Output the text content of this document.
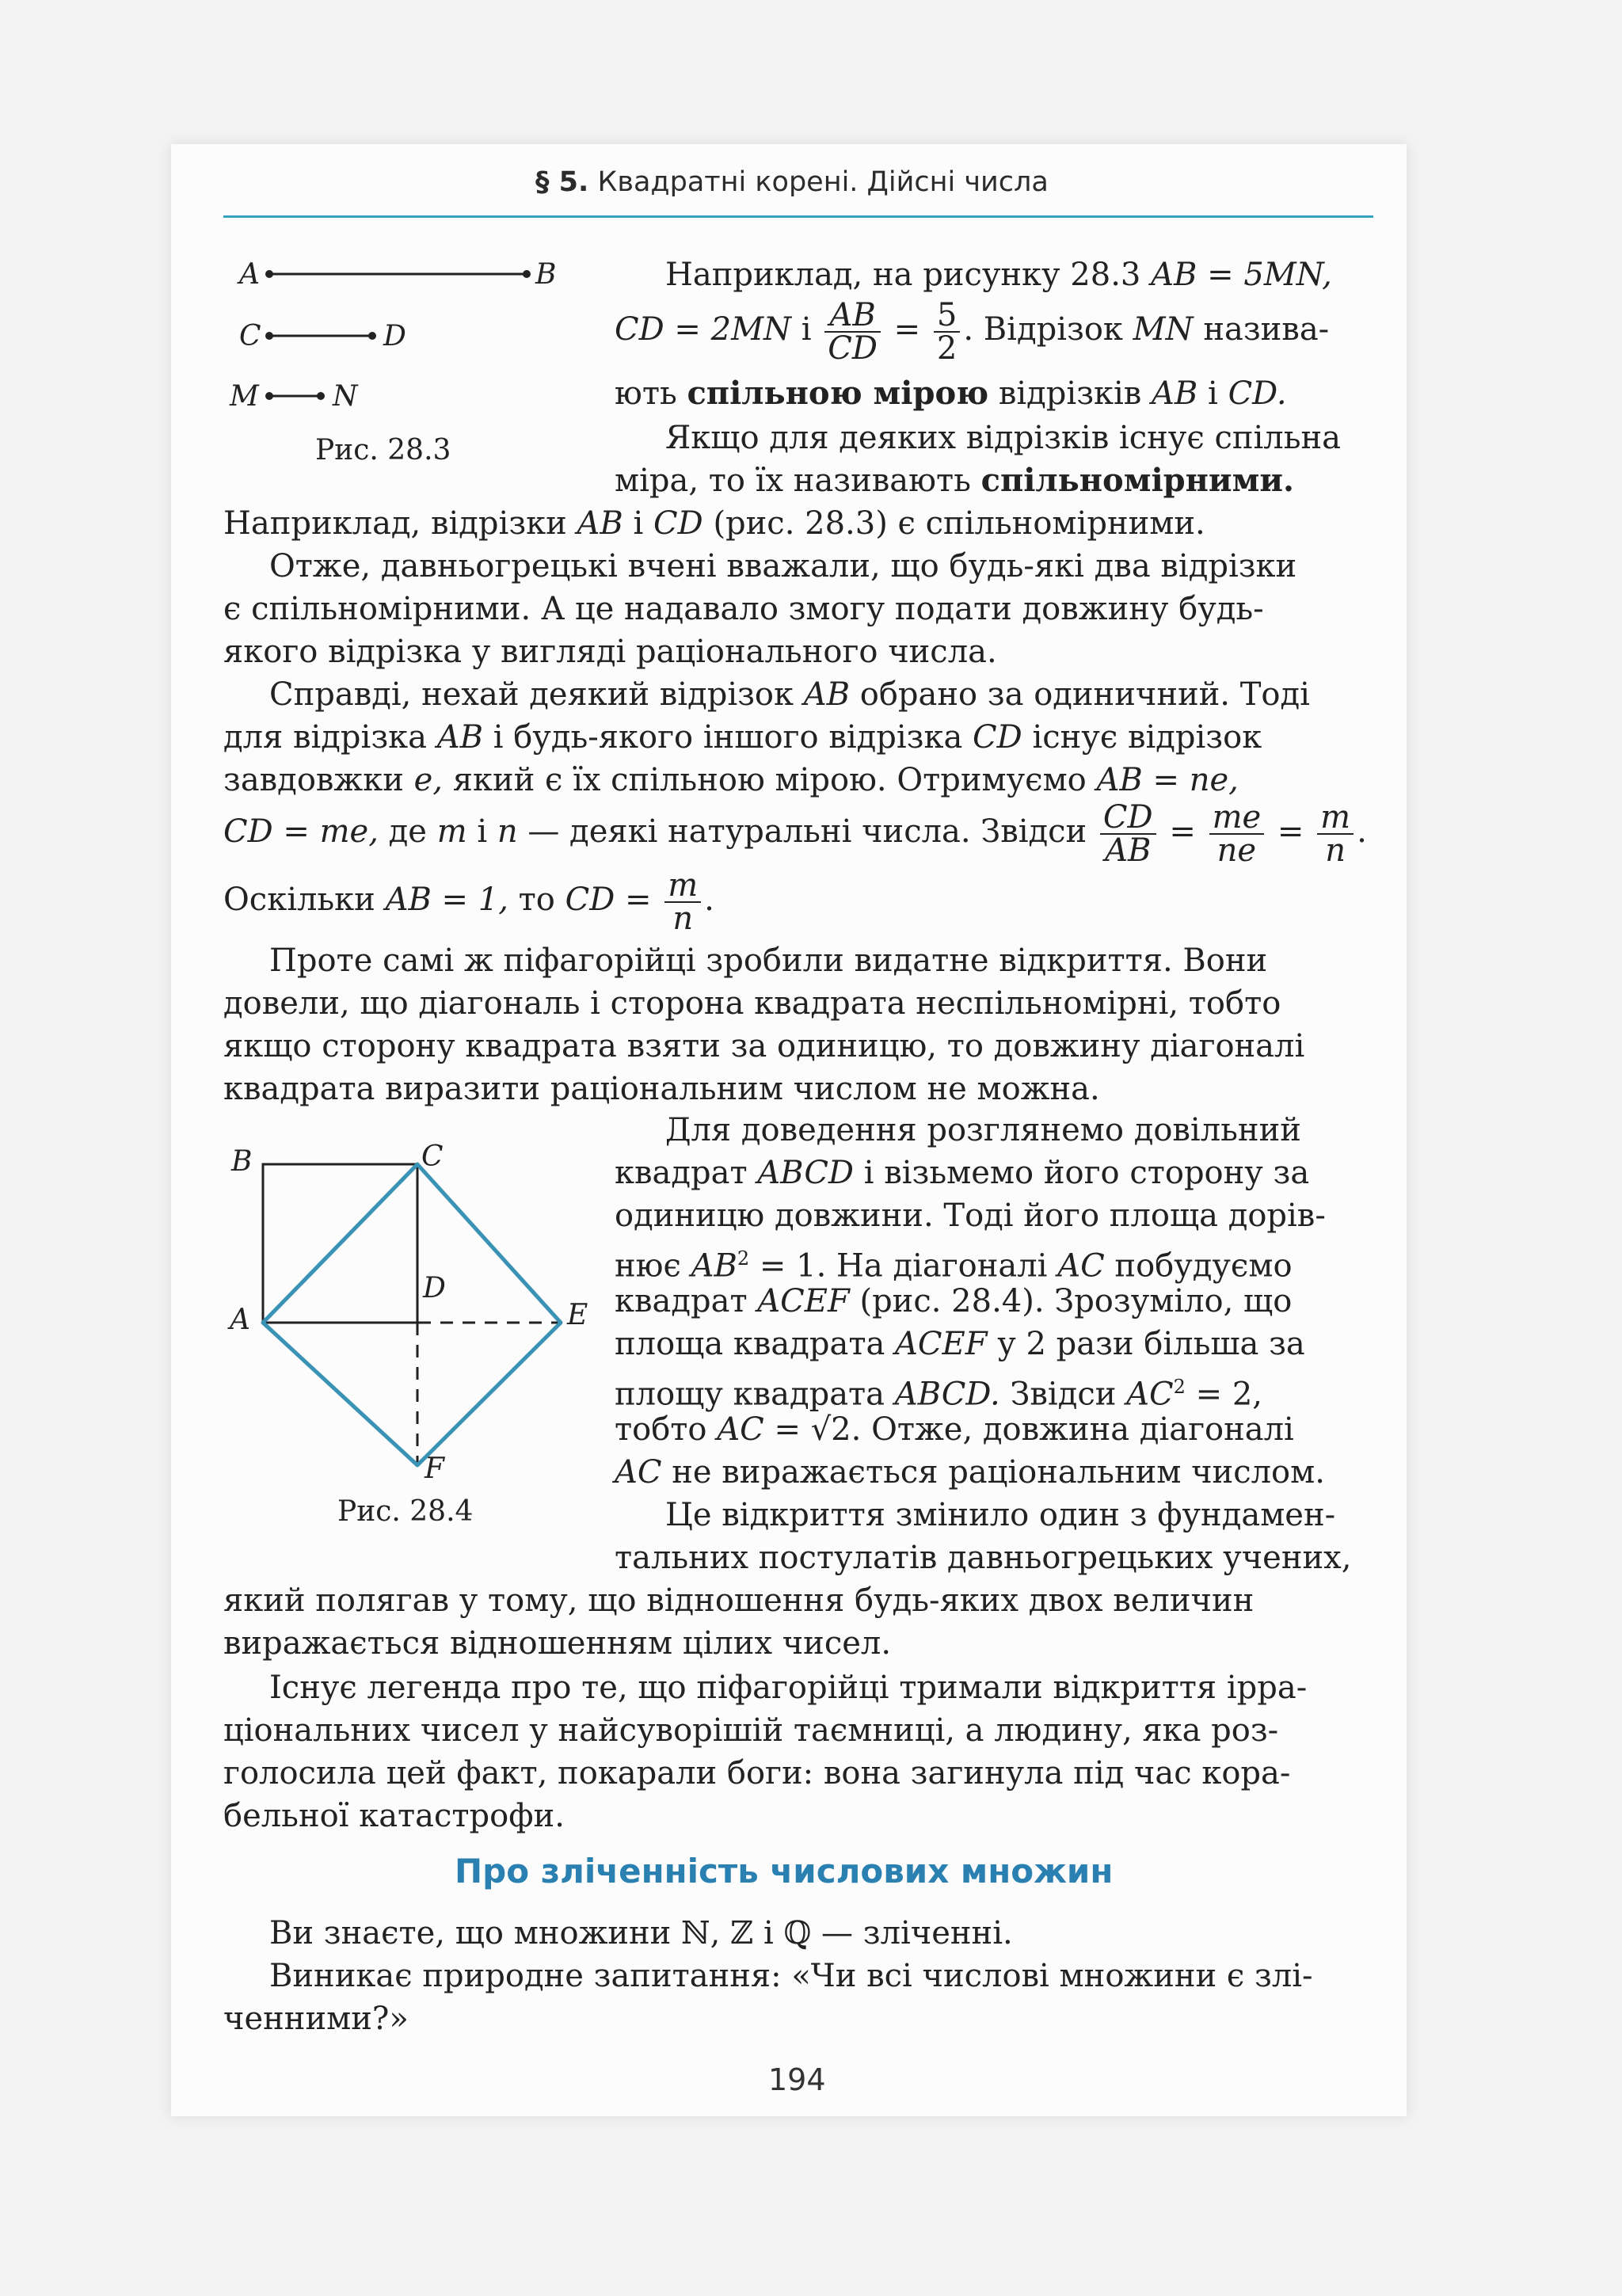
§ 5. Квадратні корені. Дійсні числа
A	B
C	D
M	N
Рис. 28.3
Наприклад, на рисунку 28.3 AB = 5MN,
CD = 2MN і $\frac{AB}{CD} = \frac{5}{2}$ . Відрізок MN назива-
ють спільною мірою відрізків AB і CD.
Якщо для деяких відрізків існує спільна
міра, то їх називають спільномірними.
Наприклад, відрізки AB і CD (рис. 28.3) є спільномірними.
Отже, давньогрецькі вчені вважали, що будь-які два відрізки
є спільномірними. А це надавало змогу подати довжину будь-
якого відрізка у вигляді раціонального числа.
Справді, нехай деякий відрізок AB обрано за одиничний. Тоді
для відрізка AB і будь-якого іншого відрізка CD існує відрізок
завдовжки e, який є їх спільною мірою. Отримуємо AB = ne,
CD = me, де m і n — деякі натуральні числа. Звідси $\frac{CD}{AB} = \frac{me}{ne} = \frac{m}{n}$ .
Оскільки AB = 1, то CD = $\frac{m}{n}$ .
Проте самі ж піфагорійці зробили видатне відкриття. Вони
довели, що діагональ і сторона квадрата неспільномірні, тобто
якщо сторону квадрата взяти за одиницю, то довжину діагоналі
квадрата виразити раціональним числом не можна.
B	C
D
A	E
F
Рис. 28.4
Для доведення розглянемо довільний
квадрат ABCD і візьмемо його сторону за
одиницю довжини. Тоді його площа дорів-
нює $AB^2 = 1$. На діагоналі AC побудуємо
квадрат ACEF (рис. 28.4). Зрозуміло, що
площа квадрата ACEF у 2 рази більша за
площу квадрата ABCD. Звідси $AC^2 = 2$,
тобто AC = √2. Отже, довжина діагоналі
AC не виражається раціональним числом.
Це відкриття змінило один з фундамен-
тальних постулатів давньогрецьких учених,
який полягав у тому, що відношення будь-яких двох величин
виражається відношенням цілих чисел.
Існує легенда про те, що піфагорійці тримали відкриття ірра-
ціональних чисел у найсуворішій таємниці, а людину, яка роз-
голосила цей факт, покарали боги: вона загинула під час кора-
бельної катастрофи.
Про зліченність числових множин
Ви знаєте, що множини ℕ, ℤ і ℚ — зліченні.
Виникає природне запитання: «Чи всі числові множини є злі-
ченними?»
194
